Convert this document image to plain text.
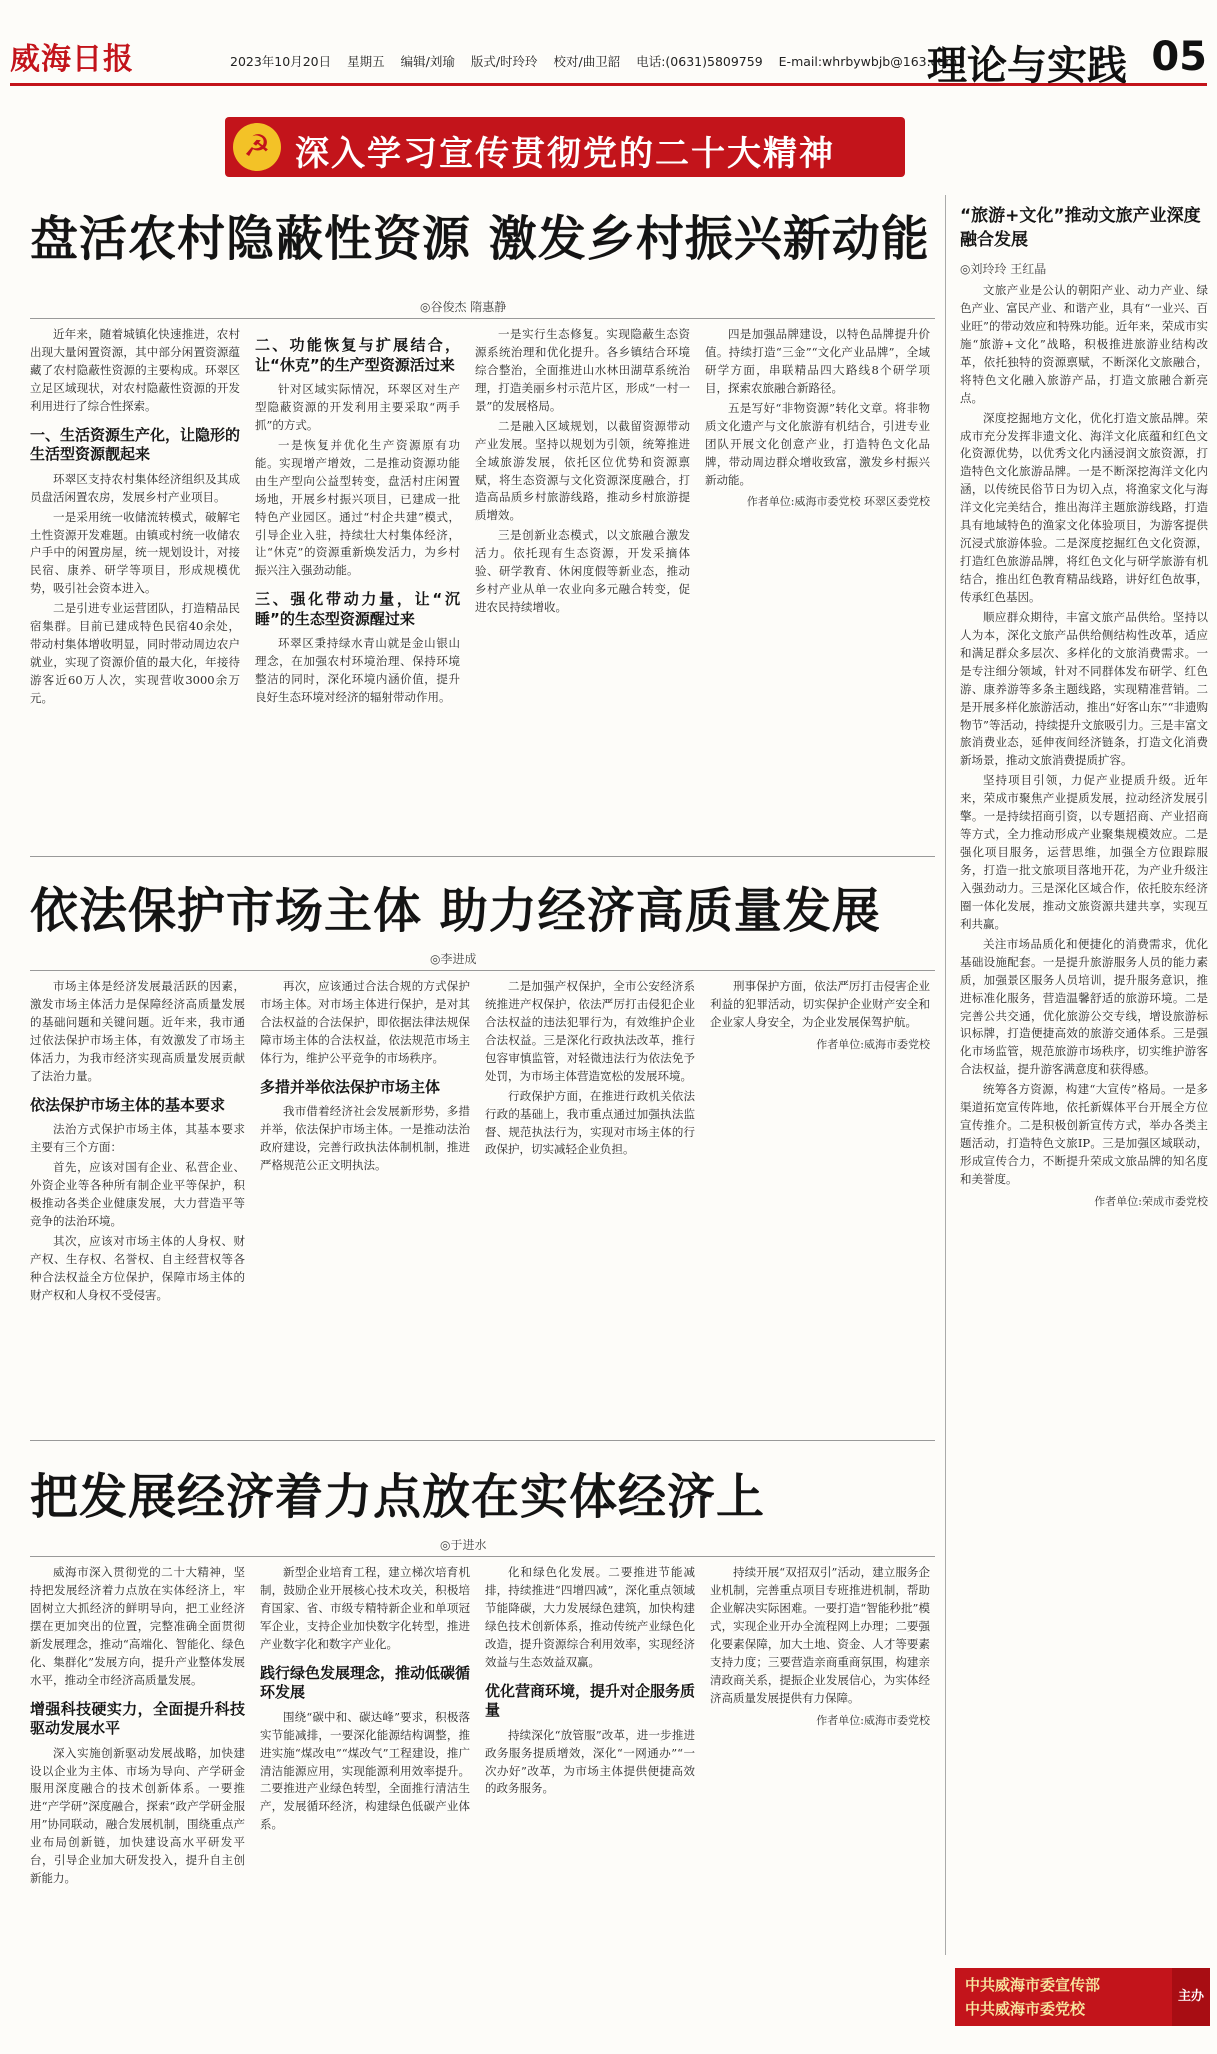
威海日报	2023年10月20日 星期五 编辑/刘瑜 版式/时玲玲 校对/曲卫韶 电话:(0631)5809759 E-mail:whrbywbjb@163.com
理论与实践 05
☭ 深入学习宣传贯彻党的二十大精神
盘活农村隐蔽性资源 激发乡村振兴新动能
◎谷俊杰 隋惠静

近年来，随着城镇化快速推进，农村出现大量闲置资源，其中部分闲置资源蕴藏了农村隐蔽性资源的主要构成。环翠区立足区域现状，对农村隐蔽性资源的开发利用进行了综合性探索。

一、生活资源生产化，让隐形的生活型资源靓起来

环翠区支持农村集体经济组织及其成员盘活闲置农房，发展乡村产业项目。

一是采用统一收储流转模式，破解宅土性资源开发难题。由镇或村统一收储农户手中的闲置房屋，统一规划设计，对接民宿、康养、研学等项目，形成规模优势，吸引社会资本进入。

二是引进专业运营团队，打造精品民宿集群。目前已建成特色民宿40余处，带动村集体增收明显，同时带动周边农户就业，实现了资源价值的最大化，年接待游客近60万人次，实现营收3000余万元。

二、功能恢复与扩展结合，让“休克”的生产型资源活过来

针对区域实际情况，环翠区对生产型隐蔽资源的开发利用主要采取“两手抓”的方式。

一是恢复并优化生产资源原有功能。实现增产增效，二是推动资源功能由生产型向公益型转变，盘活村庄闲置场地，开展乡村振兴项目，已建成一批特色产业园区。通过“村企共建”模式，引导企业入驻，持续壮大村集体经济，让“休克”的资源重新焕发活力，为乡村振兴注入强劲动能。

三、强化带动力量，让“沉睡”的生态型资源醒过来

环翠区秉持绿水青山就是金山银山理念，在加强农村环境治理、保持环境整洁的同时，深化环境内涵价值，提升良好生态环境对经济的辐射带动作用。

一是实行生态修复。实现隐蔽生态资源系统治理和优化提升。各乡镇结合环境综合整治，全面推进山水林田湖草系统治理，打造美丽乡村示范片区，形成“一村一景”的发展格局。

二是融入区域规划，以截留资源带动产业发展。坚持以规划为引领，统筹推进全域旅游发展，依托区位优势和资源禀赋，将生态资源与文化资源深度融合，打造高品质乡村旅游线路，推动乡村旅游提质增效。

三是创新业态模式，以文旅融合激发活力。依托现有生态资源，开发采摘体验、研学教育、休闲度假等新业态，推动乡村产业从单一农业向多元融合转变，促进农民持续增收。

四是加强品牌建设，以特色品牌提升价值。持续打造“三金”“文化产业品牌”，全域研学方面，串联精品四大路线8个研学项目，探索农旅融合新路径。

五是写好“非物资源”转化文章。将非物质文化遗产与文化旅游有机结合，引进专业团队开展文化创意产业，打造特色文化品牌，带动周边群众增收致富，激发乡村振兴新动能。

作者单位:威海市委党校 环翠区委党校

“旅游+文化”推动文旅产业深度融合发展
◎刘玲玲 王红晶

文旅产业是公认的朝阳产业、动力产业、绿色产业、富民产业、和谐产业，具有“一业兴、百业旺”的带动效应和特殊功能。近年来，荣成市实施“旅游+文化”战略，积极推进旅游业结构改革，依托独特的资源禀赋，不断深化文旅融合，将特色文化融入旅游产品，打造文旅融合新亮点。

深度挖掘地方文化，优化打造文旅品牌。荣成市充分发挥非遗文化、海洋文化底蕴和红色文化资源优势，以优秀文化内涵浸润文旅资源，打造特色文化旅游品牌。一是不断深挖海洋文化内涵，以传统民俗节日为切入点，将渔家文化与海洋文化完美结合，推出海洋主题旅游线路，打造具有地域特色的渔家文化体验项目，为游客提供沉浸式旅游体验。二是深度挖掘红色文化资源，打造红色旅游品牌，将红色文化与研学旅游有机结合，推出红色教育精品线路，讲好红色故事，传承红色基因。

顺应群众期待，丰富文旅产品供给。坚持以人为本，深化文旅产品供给侧结构性改革，适应和满足群众多层次、多样化的文旅消费需求。一是专注细分领域，针对不同群体发布研学、红色游、康养游等多条主题线路，实现精准营销。二是开展多样化旅游活动，推出“好客山东”“非遗购物节”等活动，持续提升文旅吸引力。三是丰富文旅消费业态，延伸夜间经济链条，打造文化消费新场景，推动文旅消费提质扩容。

坚持项目引领，力促产业提质升级。近年来，荣成市聚焦产业提质发展，拉动经济发展引擎。一是持续招商引资，以专题招商、产业招商等方式，全力推动形成产业聚集规模效应。二是强化项目服务，运营思维，加强全方位跟踪服务，打造一批文旅项目落地开花，为产业升级注入强劲动力。三是深化区域合作，依托胶东经济圈一体化发展，推动文旅资源共建共享，实现互利共赢。

关注市场品质化和便捷化的消费需求，优化基础设施配套。一是提升旅游服务人员的能力素质，加强景区服务人员培训，提升服务意识，推进标准化服务，营造温馨舒适的旅游环境。二是完善公共交通，优化旅游公交专线，增设旅游标识标牌，打造便捷高效的旅游交通体系。三是强化市场监管，规范旅游市场秩序，切实维护游客合法权益，提升游客满意度和获得感。

统筹各方资源，构建“大宣传”格局。一是多渠道拓宽宣传阵地，依托新媒体平台开展全方位宣传推介。二是积极创新宣传方式，举办各类主题活动，打造特色文旅IP。三是加强区域联动，形成宣传合力，不断提升荣成文旅品牌的知名度和美誉度。

作者单位:荣成市委党校

依法保护市场主体 助力经济高质量发展
◎李进成

市场主体是经济发展最活跃的因素，激发市场主体活力是保障经济高质量发展的基础问题和关键问题。近年来，我市通过依法保护市场主体，有效激发了市场主体活力，为我市经济实现高质量发展贡献了法治力量。

依法保护市场主体的基本要求

法治方式保护市场主体，其基本要求主要有三个方面：

首先，应该对国有企业、私营企业、外资企业等各种所有制企业平等保护，积极推动各类企业健康发展，大力营造平等竞争的法治环境。

其次，应该对市场主体的人身权、财产权、生存权、名誉权、自主经营权等各种合法权益全方位保护，保障市场主体的财产权和人身权不受侵害。

再次，应该通过合法合规的方式保护市场主体。对市场主体进行保护，是对其合法权益的合法保护，即依据法律法规保障市场主体的合法权益，依法规范市场主体行为，维护公平竞争的市场秩序。

多措并举依法保护市场主体

我市借着经济社会发展新形势，多措并举，依法保护市场主体。一是推动法治政府建设，完善行政执法体制机制，推进严格规范公正文明执法。

二是加强产权保护，全市公安经济系统推进产权保护，依法严厉打击侵犯企业合法权益的违法犯罪行为，有效维护企业合法权益。三是深化行政执法改革，推行包容审慎监管，对轻微违法行为依法免予处罚，为市场主体营造宽松的发展环境。

行政保护方面，在推进行政机关依法行政的基础上，我市重点通过加强执法监督、规范执法行为，实现对市场主体的行政保护，切实减轻企业负担。

刑事保护方面，依法严厉打击侵害企业利益的犯罪活动，切实保护企业财产安全和企业家人身安全，为企业发展保驾护航。

作者单位:威海市委党校

把发展经济着力点放在实体经济上
◎于进水

威海市深入贯彻党的二十大精神，坚持把发展经济着力点放在实体经济上，牢固树立大抓经济的鲜明导向，把工业经济摆在更加突出的位置，完整准确全面贯彻新发展理念，推动“高端化、智能化、绿色化、集群化”发展方向，提升产业整体发展水平，推动全市经济高质量发展。

增强科技硬实力，全面提升科技驱动发展水平

深入实施创新驱动发展战略，加快建设以企业为主体、市场为导向、产学研金服用深度融合的技术创新体系。一要推进“产学研”深度融合，探索“政产学研金服用”协同联动，融合发展机制，围绕重点产业布局创新链，加快建设高水平研发平台，引导企业加大研发投入，提升自主创新能力。

新型企业培育工程，建立梯次培育机制，鼓励企业开展核心技术攻关，积极培育国家、省、市级专精特新企业和单项冠军企业，支持企业加快数字化转型，推进产业数字化和数字产业化。

践行绿色发展理念，推动低碳循环发展

围绕“碳中和、碳达峰”要求，积极落实节能减排，一要深化能源结构调整，推进实施“煤改电”“煤改气”工程建设，推广清洁能源应用，实现能源利用效率提升。二要推进产业绿色转型，全面推行清洁生产，发展循环经济，构建绿色低碳产业体系。

化和绿色化发展。二要推进节能减排，持续推进“四增四减”，深化重点领域节能降碳，大力发展绿色建筑，加快构建绿色技术创新体系，推动传统产业绿色化改造，提升资源综合利用效率，实现经济效益与生态效益双赢。

优化营商环境，提升对企服务质量

持续深化“放管服”改革，进一步推进政务服务提质增效，深化“一网通办”“一次办好”改革，为市场主体提供便捷高效的政务服务。

持续开展“双招双引”活动，建立服务企业机制，完善重点项目专班推进机制，帮助企业解决实际困难。一要打造“智能秒批”模式，实现企业开办全流程网上办理；二要强化要素保障，加大土地、资金、人才等要素支持力度；三要营造亲商重商氛围，构建亲清政商关系，提振企业发展信心，为实体经济高质量发展提供有力保障。

作者单位:威海市委党校

中共威海市委宣传部
中共威海市委党校
主办
